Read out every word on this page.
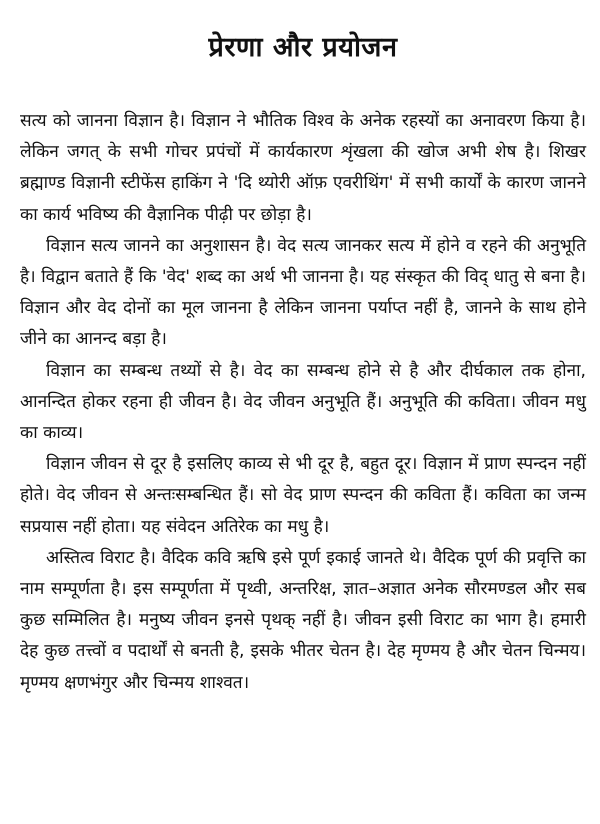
प्रेरणा और प्रयोजन

सत्य को जानना विज्ञान है। विज्ञान ने भौतिक विश्व के अनेक रहस्यों का अनावरण किया है। लेकिन जगत् के सभी गोचर प्रपंचों में कार्यकारण शृंखला की खोज अभी शेष है। शिखर ब्रह्माण्ड विज्ञानी स्टीफेंस हाकिंग ने 'दि थ्योरी ऑफ़ एवरीथिंग' में सभी कार्यों के कारण जानने का कार्य भविष्य की वैज्ञानिक पीढ़ी पर छोड़ा है।

विज्ञान सत्य जानने का अनुशासन है। वेद सत्य जानकर सत्य में होने व रहने की अनुभूति है। विद्वान बताते हैं कि 'वेद' शब्द का अर्थ भी जानना है। यह संस्कृत की विद् धातु से बना है। विज्ञान और वेद दोनों का मूल जानना है लेकिन जानना पर्याप्त नहीं है, जानने के साथ होने जीने का आनन्द बड़ा है।

विज्ञान का सम्बन्ध तथ्यों से है। वेद का सम्बन्ध होने से है और दीर्घकाल तक होना, आनन्दित होकर रहना ही जीवन है। वेद जीवन अनुभूति हैं। अनुभूति की कविता। जीवन मधु का काव्य।

विज्ञान जीवन से दूर है इसलिए काव्य से भी दूर है, बहुत दूर। विज्ञान में प्राण स्पन्दन नहीं होते। वेद जीवन से अन्तःसम्बन्धित हैं। सो वेद प्राण स्पन्दन की कविता हैं। कविता का जन्म सप्रयास नहीं होता। यह संवेदन अतिरेक का मधु है।

अस्तित्व विराट है। वैदिक कवि ऋषि इसे पूर्ण इकाई जानते थे। वैदिक पूर्ण की प्रवृत्ति का नाम सम्पूर्णता है। इस सम्पूर्णता में पृथ्वी, अन्तरिक्ष, ज्ञात–अज्ञात अनेक सौरमण्डल और सब कुछ सम्मिलित है। मनुष्य जीवन इनसे पृथक् नहीं है। जीवन इसी विराट का भाग है। हमारी देह कुछ तत्त्वों व पदार्थों से बनती है, इसके भीतर चेतन है। देह मृण्मय है और चेतन चिन्मय। मृण्मय क्षणभंगुर और चिन्मय शाश्वत।
